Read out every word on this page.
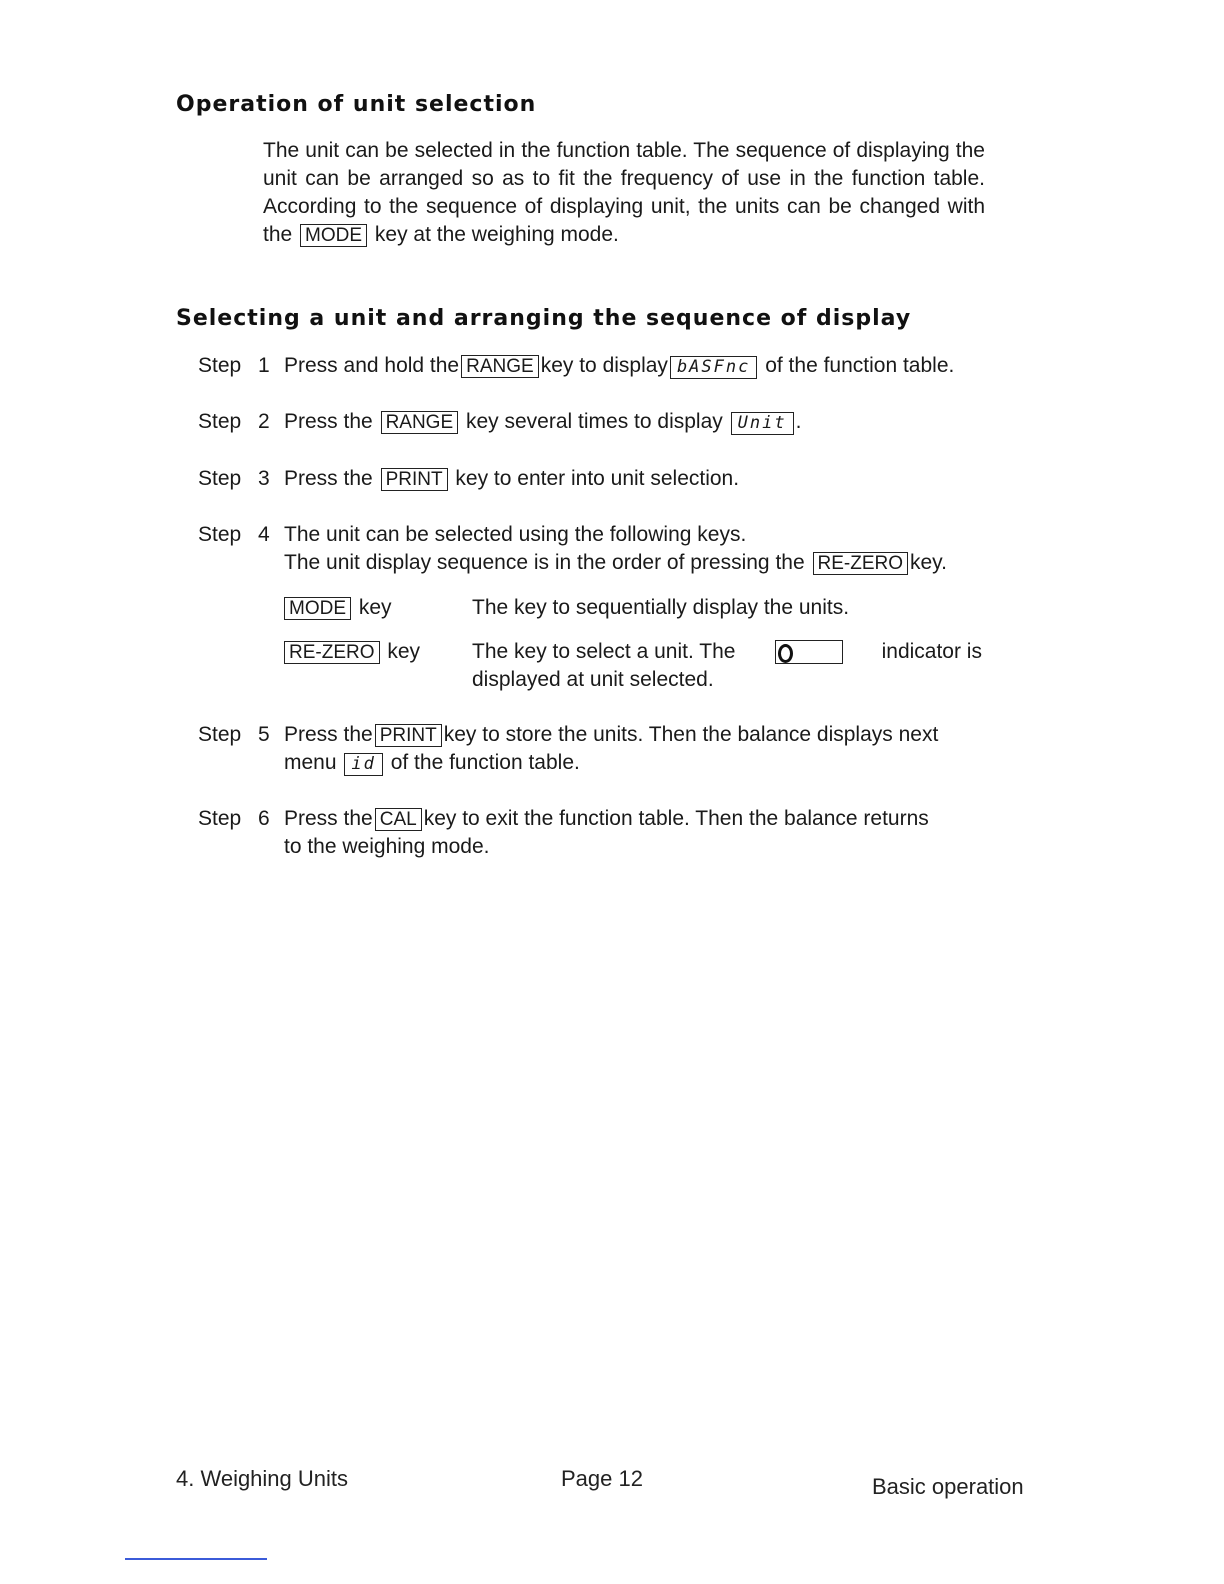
Operation of unit selection

The unit can be selected in the function table. The sequence of displaying the unit can be arranged so as to fit the frequency of use in the function table. According to the sequence of displaying unit, the units can be changed with the MODE key at the weighing mode.

Selecting a unit and arranging the sequence of display
Step 1 Press and hold the RANGE key to display bASFnc of the function table.
Step 2 Press the RANGE key several times to display Unit .
Step 3 Press the PRINT key to enter into unit selection.
Step 4 The unit can be selected using the following keys.
The unit display sequence is in the order of pressing the RE-ZERO key.
MODE key	The key to sequentially display the units.
RE-ZERO key The key to select a unit. The	indicator is
displayed at unit selected.
Step 5 Press the PRINT key to store the units. Then the balance displays next
menu id of the function table.
Step 6 Press the CAL key to exit the function table. Then the balance returns
to the weighing mode.
4. Weighing Units	Page 12	Basic operation
